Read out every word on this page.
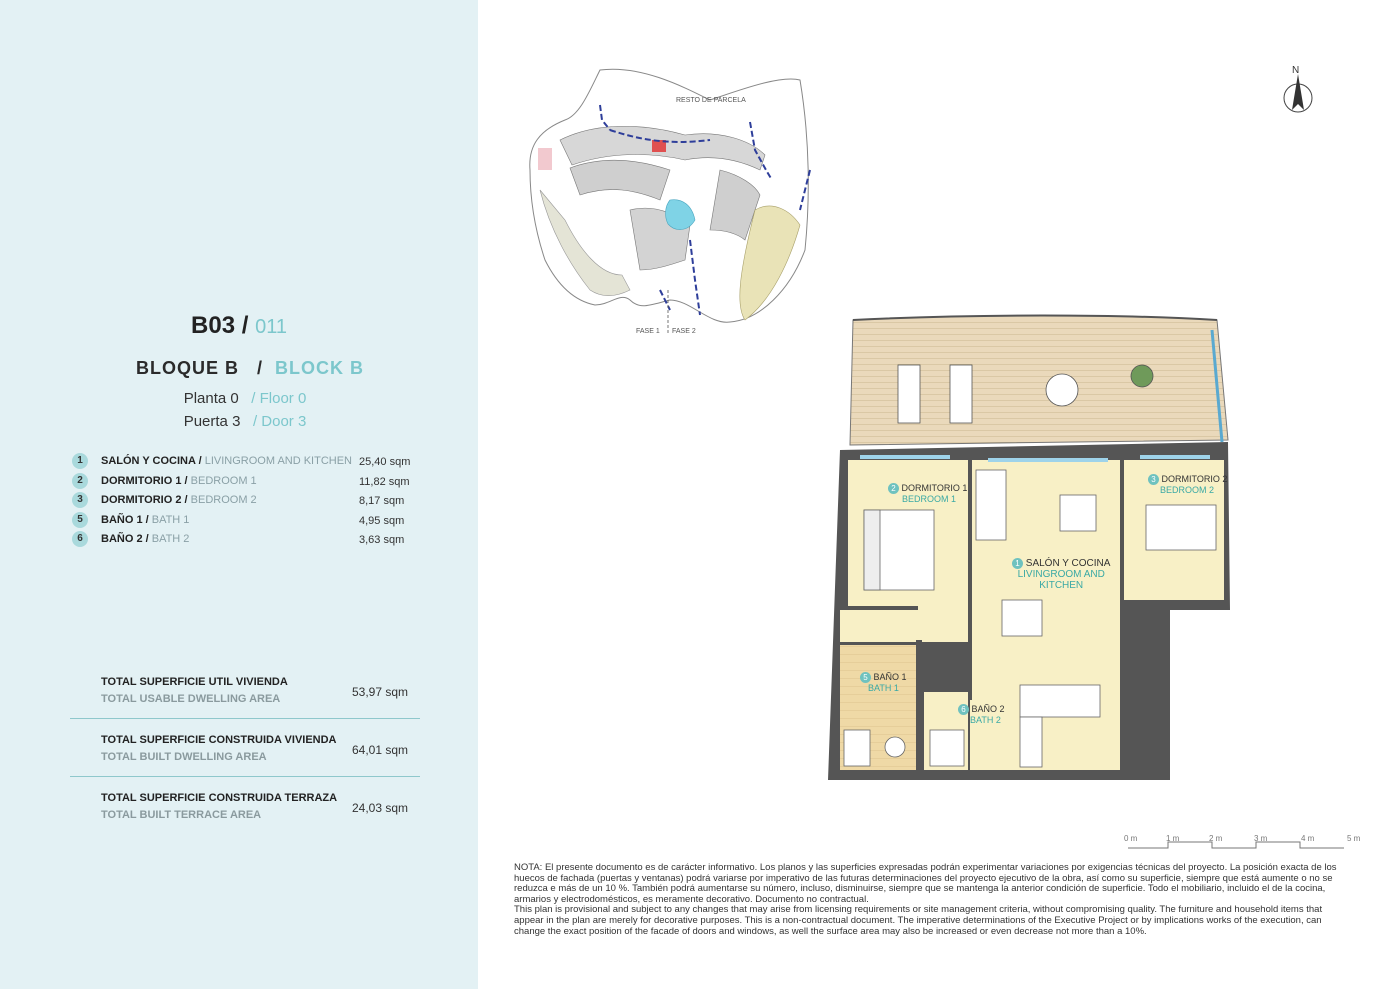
B03 / 011
BLOQUE B / BLOCK B
Planta 0 / Floor 0
Puerta 3 / Door 3
1	SALÓN Y COCINA / LIVINGROOM AND KITCHEN 25,40 sqm
2	DORMITORIO 1 / BEDROOM 1	11,82 sqm
3	DORMITORIO 2 / BEDROOM 2	8,17 sqm
5	BAÑO 1 / BATH 1	4,95 sqm
6	BAÑO 2 / BATH 2	3,63 sqm
TOTAL SUPERFICIE UTIL VIVIENDA
TOTAL USABLE DWELLING AREA	53,97 sqm
TOTAL SUPERFICIE CONSTRUIDA VIVIENDA
TOTAL BUILT DWELLING AREA	64,01 sqm
TOTAL SUPERFICIE CONSTRUIDA TERRAZA
TOTAL BUILT TERRACE AREA	24,03 sqm
RESTO DE PARCELA
FASE 1 FASE 2
N
2 DORMITORIO 1
BEDROOM 1
3 DORMITORIO 2
BEDROOM 2
1 SALÓN Y COCINA
LIVINGROOM AND
KITCHEN
5 BAÑO 1
BATH 1
6 BAÑO 2
BATH 2
0 m	1 m	2 m	3 m	4 m	5 m
NOTA: El presente documento es de carácter informativo. Los planos y las superficies expresadas podrán experimentar variaciones por exigencias técnicas del proyecto. La posición exacta de los huecos de fachada (puertas y ventanas) podrá variarse por imperativo de las futuras determinaciones del proyecto ejecutivo de la obra, así como su superficie, siempre que está aumente o no se reduzca e más de un 10 %. También podrá aumentarse su número, incluso, disminuirse, siempre que se mantenga la anterior condición de superficie. Todo el mobiliario, incluido el de la cocina, armarios y electrodomésticos, es meramente decorativo. Documento no contractual.
This plan is provisional and subject to any changes that may arise from licensing requirements or site management criteria, without compromising quality. The furniture and household items that appear in the plan are merely for decorative purposes. This is a non-contractual document. The imperative determinations of the Executive Project or by implications works of the execution, can change the exact position of the facade of doors and windows, as well the surface area may also be increased or even decrease not more than a 10%.
